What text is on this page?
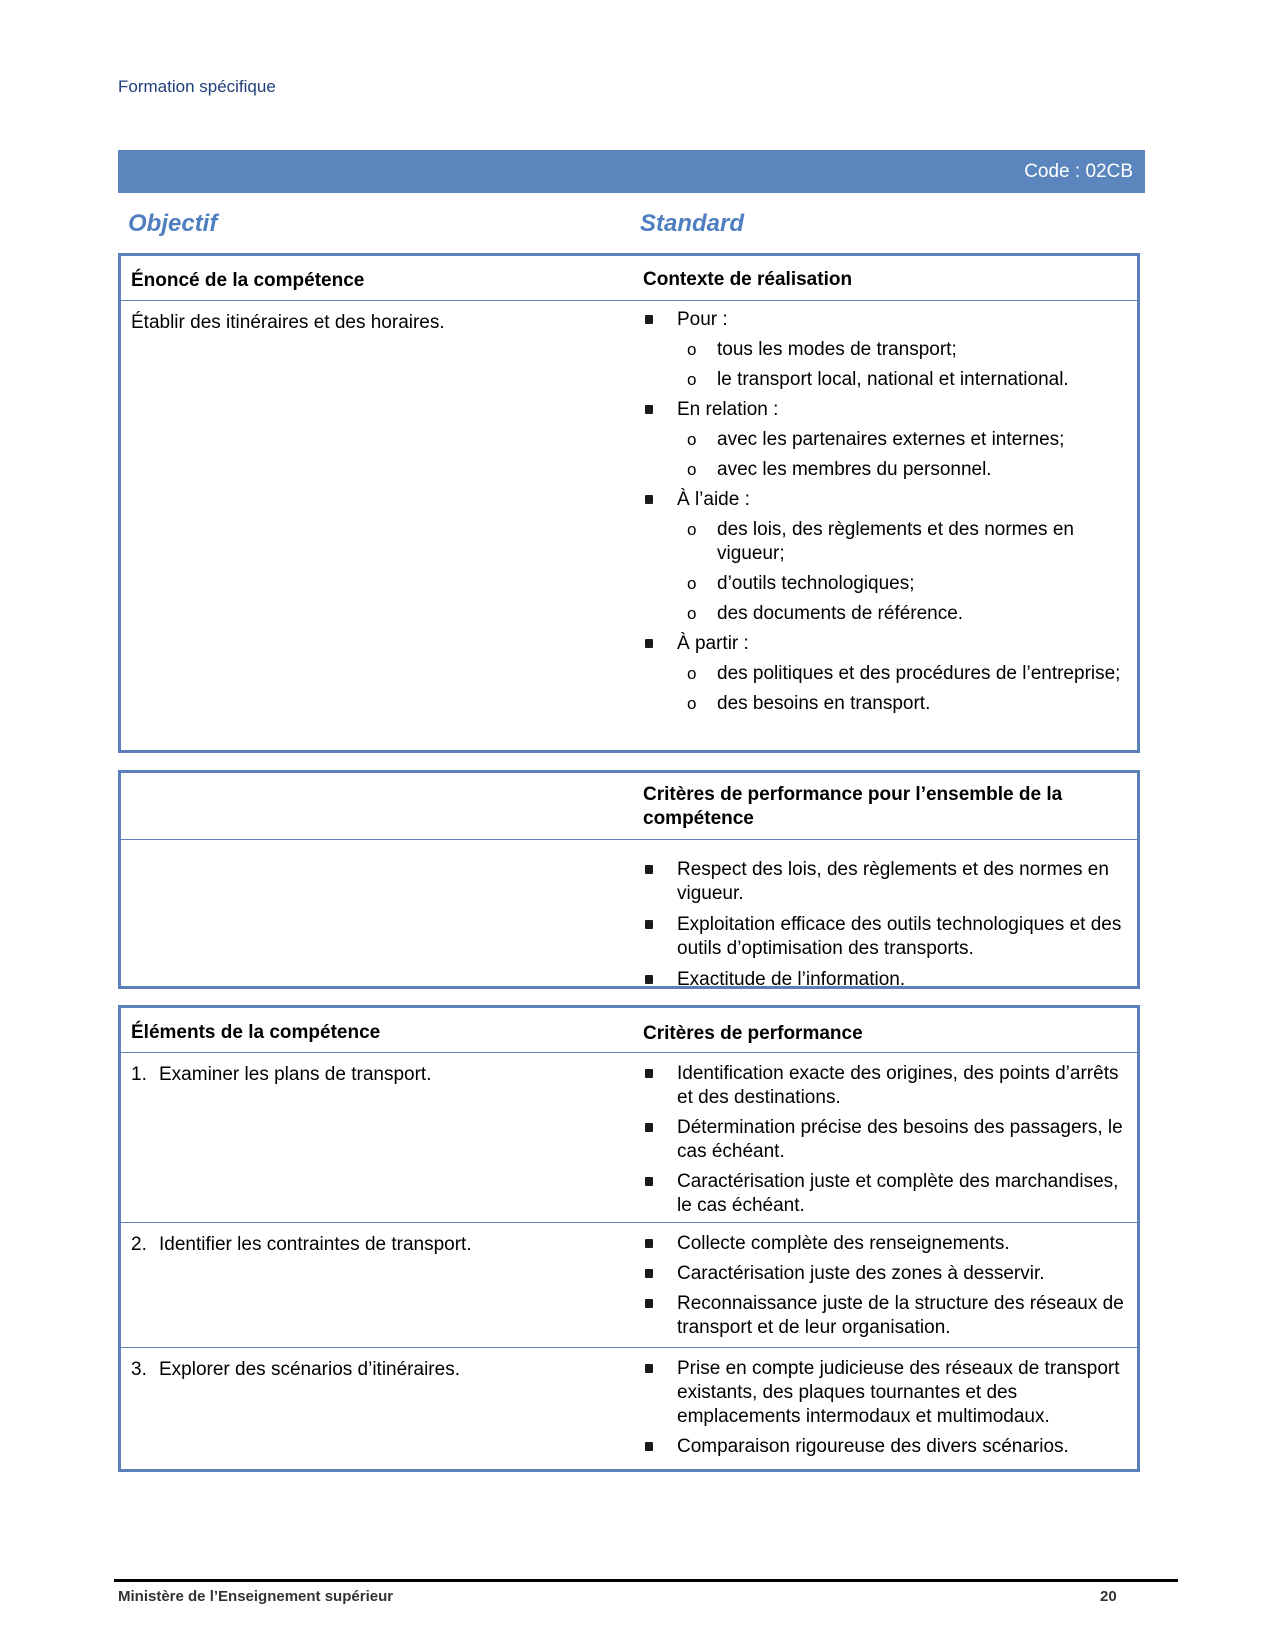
Formation spécifique
Code : 02CB
Objectif	Standard
Énoncé de la compétence	Contexte de réalisation
Établir des itinéraires et des horaires.	Pour :

o tous les modes de transport;

o le transport local, national et international.

En relation :

o avec les partenaires externes et internes;

o avec les membres du personnel.

À l’aide :

o des lois, des règlements et des normes en vigueur;

o d’outils technologiques;

o des documents de référence.

À partir :

o des politiques et des procédures de l’entreprise;

o des besoins en transport.

Critères de performance pour l’ensemble de la compétence

Respect des lois, des règlements et des normes en vigueur.

Exploitation efficace des outils technologiques et des outils d’optimisation des transports.

Exactitude de l’information.

Éléments de la compétence	Critères de performance
1. Examiner les plans de transport.	Identification exacte des origines, des points d’arrêts et des destinations.

Détermination précise des besoins des passagers, le cas échéant.

Caractérisation juste et complète des marchandises, le cas échéant.

2. Identifier les contraintes de transport.	Collecte complète des renseignements.

Caractérisation juste des zones à desservir.

Reconnaissance juste de la structure des réseaux de transport et de leur organisation.

3. Explorer des scénarios d’itinéraires.	Prise en compte judicieuse des réseaux de transport existants, des plaques tournantes et des emplacements intermodaux et multimodaux.

Comparaison rigoureuse des divers scénarios.

Ministère de l’Enseignement supérieur	20
